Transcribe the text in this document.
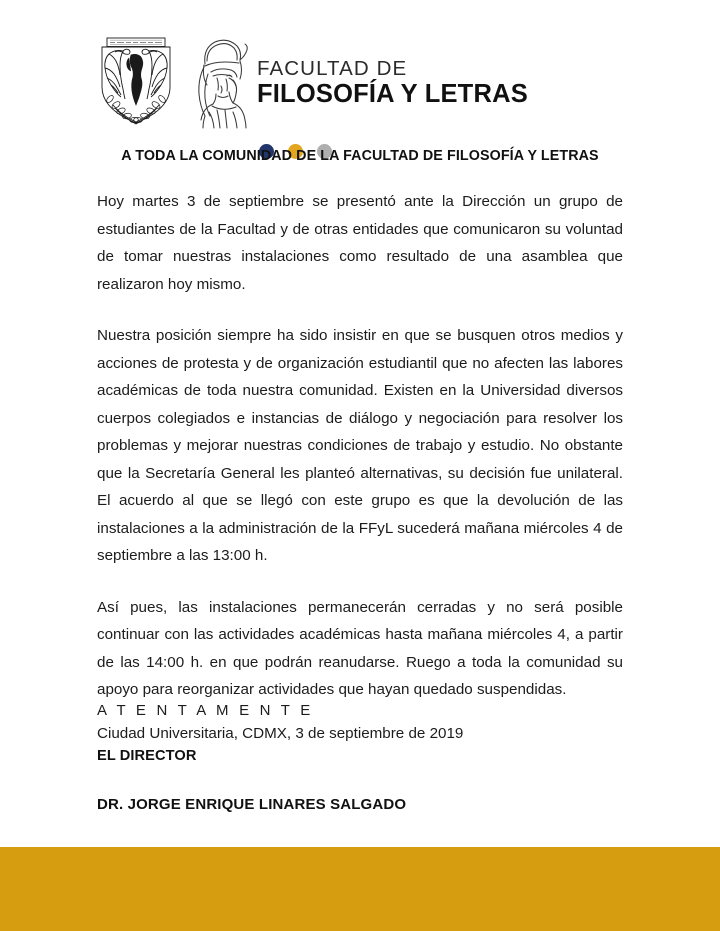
FACULTAD DE
FILOSOFÍA Y LETRAS
A TODA LA COMUNIDAD DE LA FACULTAD DE FILOSOFÍA Y LETRAS

Hoy martes 3 de septiembre se presentó ante la Dirección un grupo de estudiantes de la Facultad y de otras entidades que comunicaron su voluntad de tomar nuestras instalaciones como resultado de una asamblea que realizaron hoy mismo.

Nuestra posición siempre ha sido insistir en que se busquen otros medios y acciones de protesta y de organización estudiantil que no afecten las labores académicas de toda nuestra comunidad. Existen en la Universidad diversos cuerpos colegiados e instancias de diálogo y negociación para resolver los problemas y mejorar nuestras condiciones de trabajo y estudio. No obstante que la Secretaría General les planteó alternativas, su decisión fue unilateral. El acuerdo al que se llegó con este grupo es que la devolución de las instalaciones a la administración de la FFyL sucederá mañana miércoles 4 de septiembre a las 13:00 h.

Así pues, las instalaciones permanecerán cerradas y no será posible continuar con las actividades académicas hasta mañana miércoles 4, a partir de las 14:00 h. en que podrán reanudarse. Ruego a toda la comunidad su apoyo para reorganizar actividades que hayan quedado suspendidas.

A T E N T A M E N T E
Ciudad Universitaria, CDMX, 3 de septiembre de 2019
EL DIRECTOR
DR. JORGE ENRIQUE LINARES SALGADO
